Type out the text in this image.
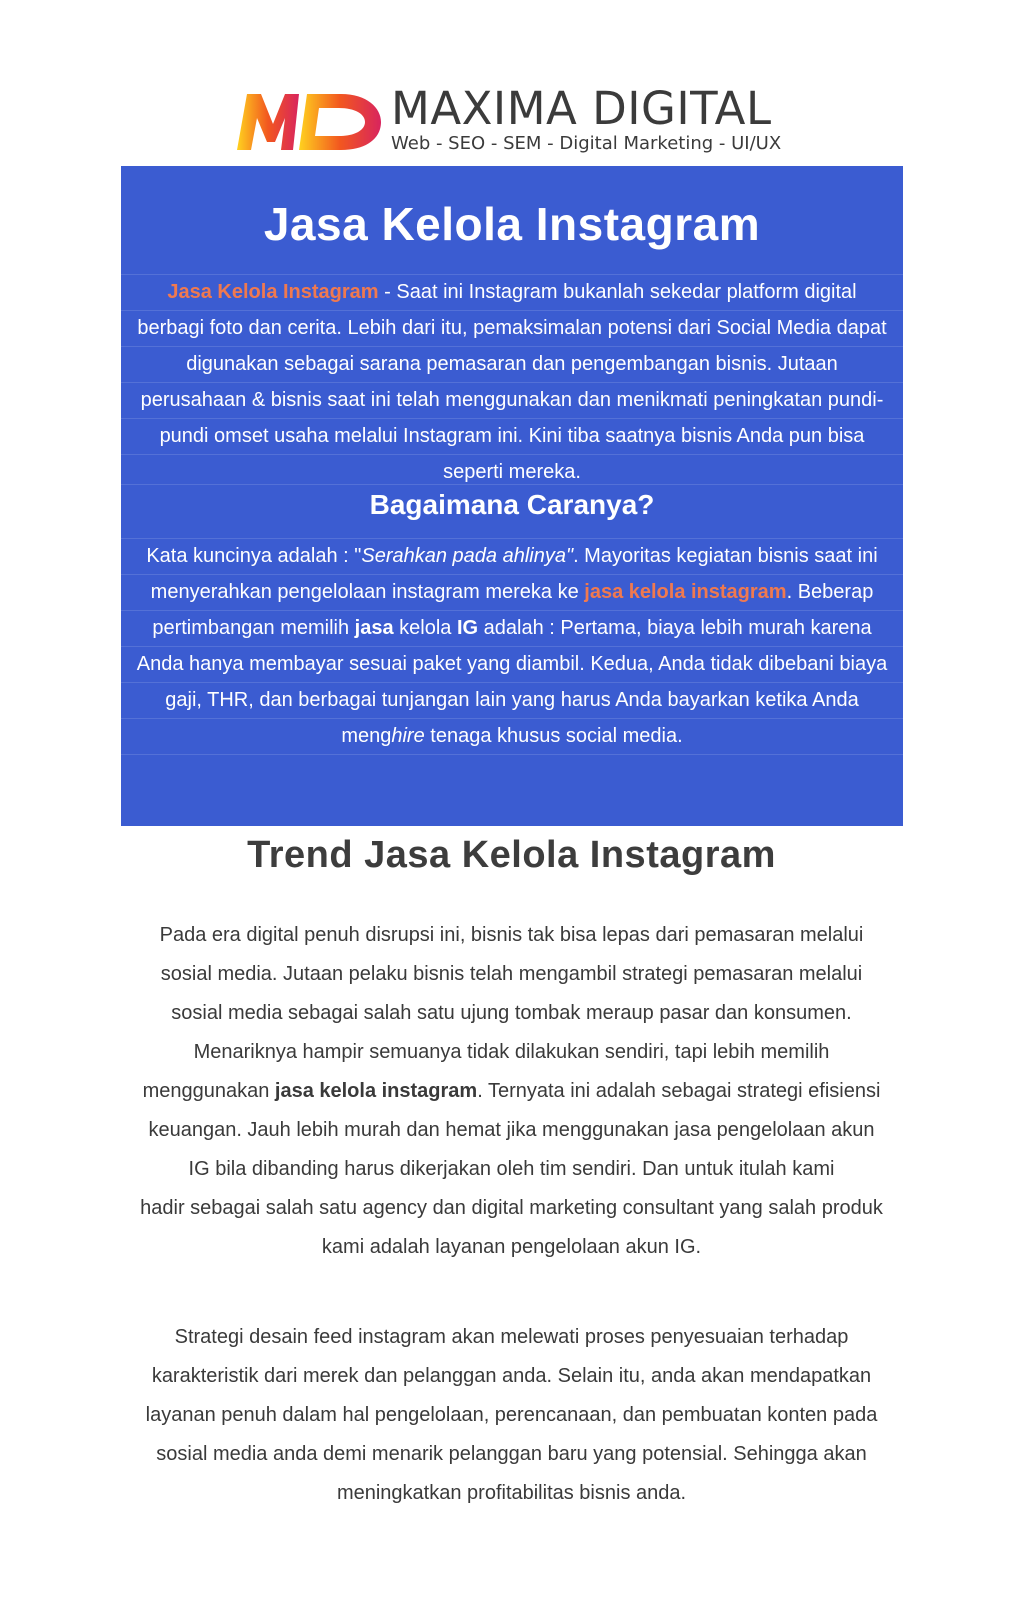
MAXIMA DIGITAL
Web - SEO - SEM - Digital Marketing - UI/UX
Jasa Kelola Instagram
Jasa Kelola Instagram - Saat ini Instagram bukanlah sekedar platform digital
berbagi foto dan cerita. Lebih dari itu, pemaksimalan potensi dari Social Media dapat
digunakan sebagai sarana pemasaran dan pengembangan bisnis. Jutaan
perusahaan & bisnis saat ini telah menggunakan dan menikmati peningkatan pundi-
pundi omset usaha melalui Instagram ini. Kini tiba saatnya bisnis Anda pun bisa
seperti mereka.
Bagaimana Caranya?
Kata kuncinya adalah : "Serahkan pada ahlinya". Mayoritas kegiatan bisnis saat ini
menyerahkan pengelolaan instagram mereka ke jasa kelola instagram. Beberap
pertimbangan memilih jasa kelola IG adalah : Pertama, biaya lebih murah karena
Anda hanya membayar sesuai paket yang diambil. Kedua, Anda tidak dibebani biaya
gaji, THR, dan berbagai tunjangan lain yang harus Anda bayarkan ketika Anda
menghire tenaga khusus social media.
Trend Jasa Kelola Instagram
Pada era digital penuh disrupsi ini, bisnis tak bisa lepas dari pemasaran melalui
sosial media. Jutaan pelaku bisnis telah mengambil strategi pemasaran melalui
sosial media sebagai salah satu ujung tombak meraup pasar dan konsumen.
Menariknya hampir semuanya tidak dilakukan sendiri, tapi lebih memilih
menggunakan jasa kelola instagram. Ternyata ini adalah sebagai strategi efisiensi
keuangan. Jauh lebih murah dan hemat jika menggunakan jasa pengelolaan akun
IG bila dibanding harus dikerjakan oleh tim sendiri. Dan untuk itulah kami
hadir sebagai salah satu agency dan digital marketing consultant yang salah produk
kami adalah layanan pengelolaan akun IG.
Strategi desain feed instagram akan melewati proses penyesuaian terhadap
karakteristik dari merek dan pelanggan anda. Selain itu, anda akan mendapatkan
layanan penuh dalam hal pengelolaan, perencanaan, dan pembuatan konten pada
sosial media anda demi menarik pelanggan baru yang potensial. Sehingga akan
meningkatkan profitabilitas bisnis anda.
